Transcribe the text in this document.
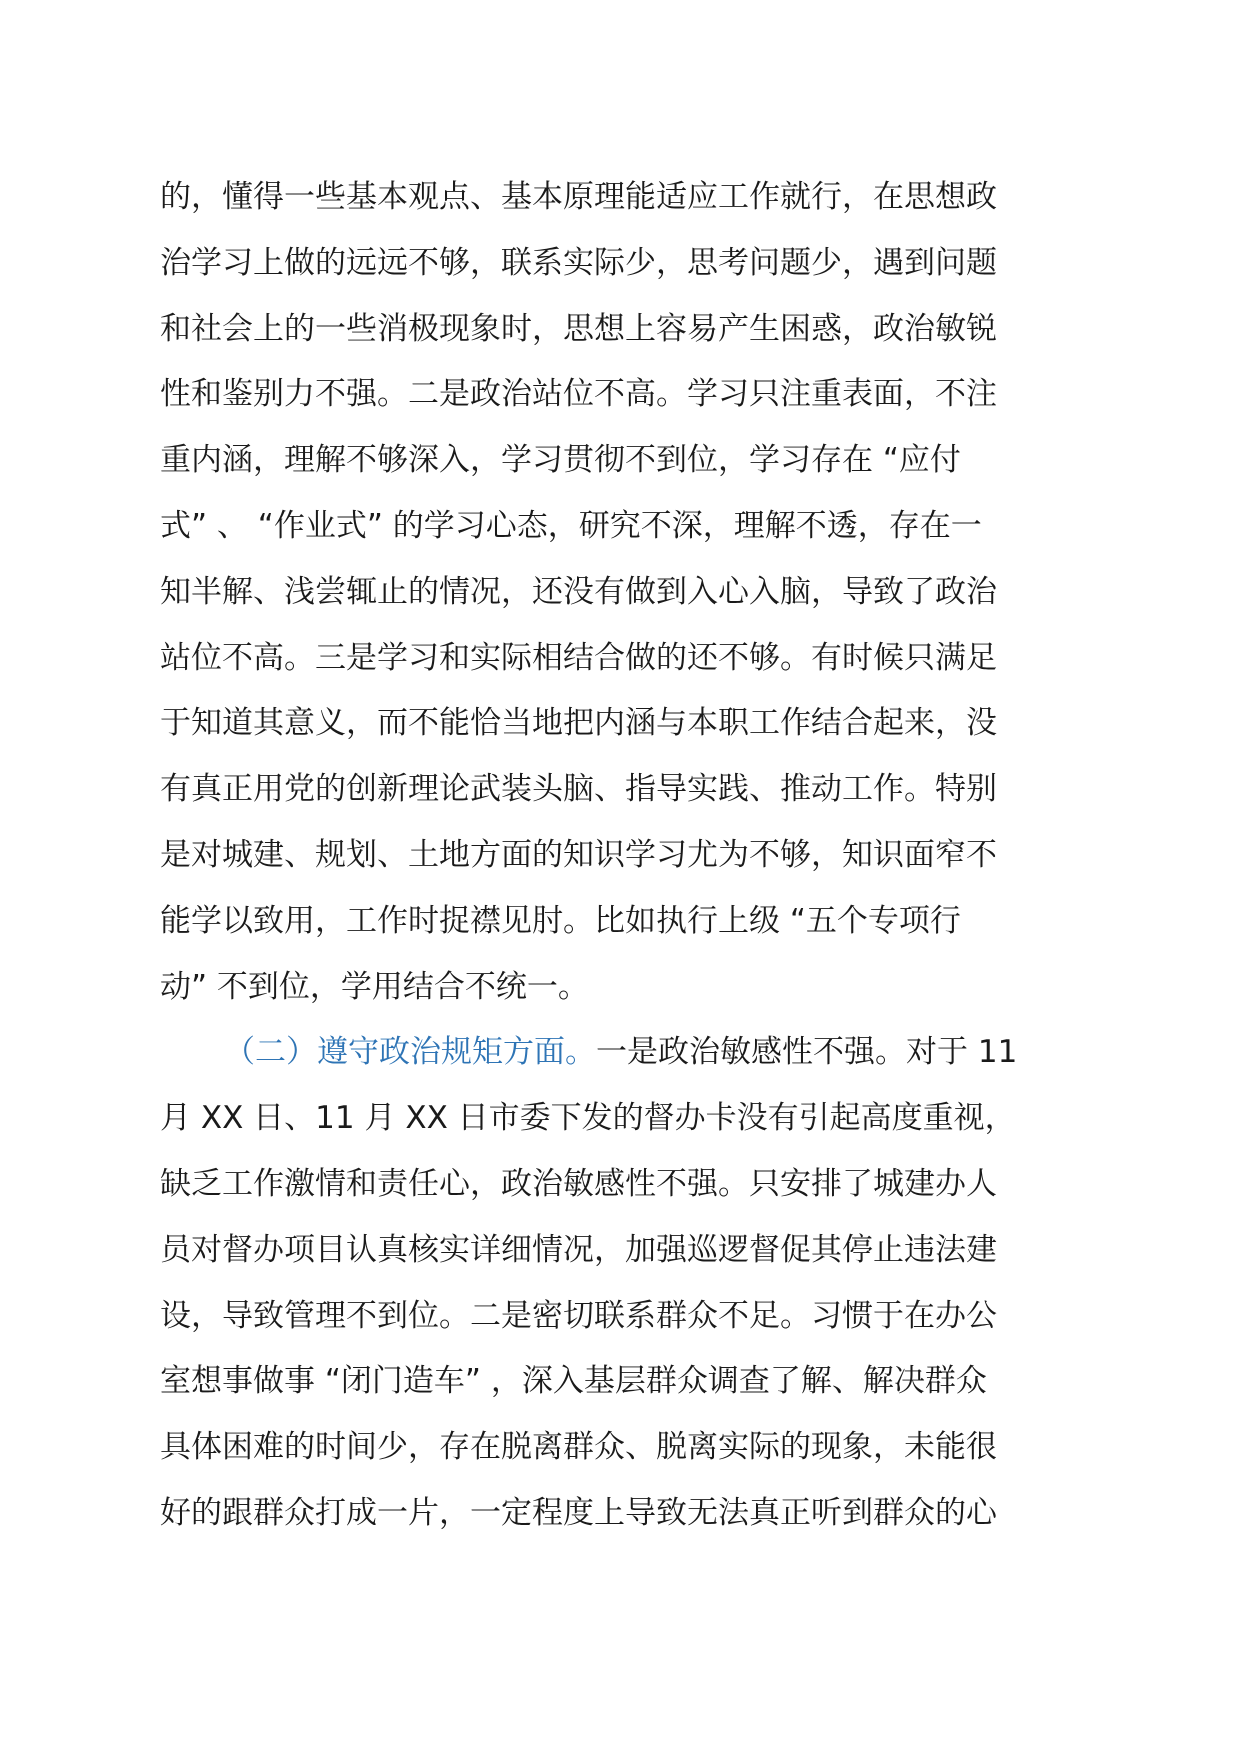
的，懂得一些基本观点、基本原理能适应工作就行，在思想政
治学习上做的远远不够，联系实际少，思考问题少，遇到问题
和社会上的一些消极现象时，思想上容易产生困惑，政治敏锐
性和鉴别力不强。二是政治站位不高。学习只注重表面，不注
重内涵，理解不够深入，学习贯彻不到位，学习存在 “应付
式” 、 “作业式” 的学习心态，研究不深，理解不透，存在一
知半解、浅尝辄止的情况，还没有做到入心入脑，导致了政治
站位不高。三是学习和实际相结合做的还不够。有时候只满足
于知道其意义，而不能恰当地把内涵与本职工作结合起来，没
有真正用党的创新理论武装头脑、指导实践、推动工作。特别
是对城建、规划、土地方面的知识学习尤为不够，知识面窄不
能学以致用，工作时捉襟见肘。比如执行上级 “五个专项行
动” 不到位，学用结合不统一。
（二）遵守政治规矩方面。一是政治敏感性不强。对于 11
月 XX 日、11 月 XX 日市委下发的督办卡没有引起高度重视，
缺乏工作激情和责任心，政治敏感性不强。只安排了城建办人
员对督办项目认真核实详细情况，加强巡逻督促其停止违法建
设，导致管理不到位。二是密切联系群众不足。习惯于在办公
室想事做事 “闭门造车” ，深入基层群众调查了解、解决群众
具体困难的时间少，存在脱离群众、脱离实际的现象，未能很
好的跟群众打成一片，一定程度上导致无法真正听到群众的心
